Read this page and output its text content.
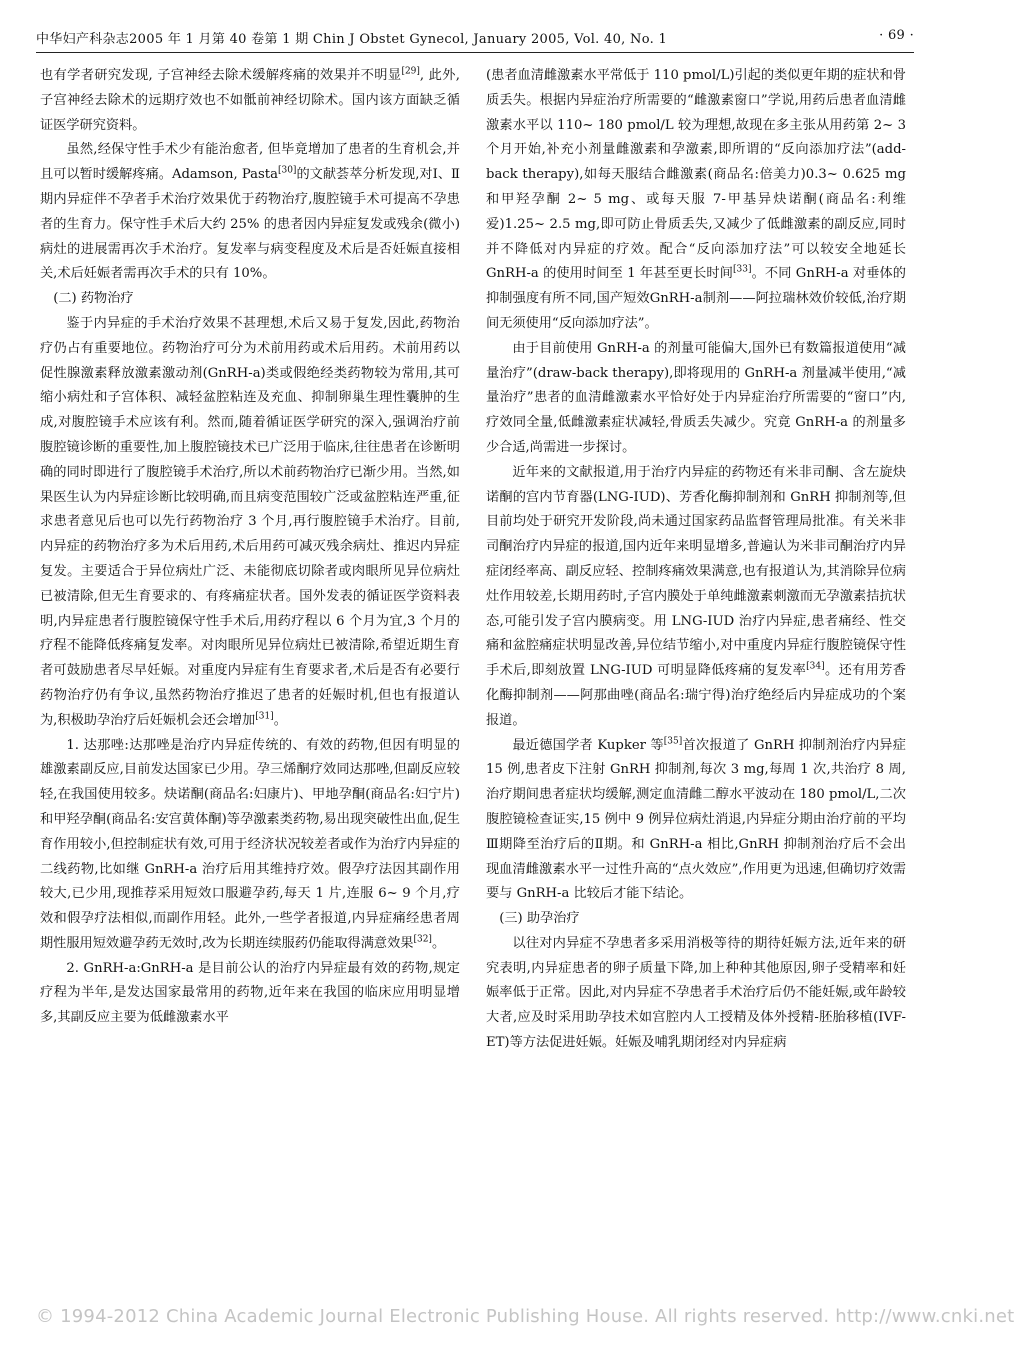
中华妇产科杂志2005 年 1 月第 40 卷第 1 期 Chin J Obstet Gynecol, January 2005, Vol. 40, No. 1	· 69 ·

也有学者研究发现, 子宫神经去除术缓解疼痛的效果并不明显[29], 此外, 子宫神经去除术的远期疗效也不如骶前神经切除术。国内该方面缺乏循证医学研究资料。

虽然,经保守性手术少有能治愈者, 但毕竟增加了患者的生育机会,并且可以暂时缓解疼痛。Adamson, Pasta[30]的文献荟萃分析发现,对Ⅰ、Ⅱ期内异症伴不孕者手术治疗效果优于药物治疗,腹腔镜手术可提高不孕患者的生育力。保守性手术后大约 25% 的患者因内异症复发或残余(微小)病灶的进展需再次手术治疗。复发率与病变程度及术后是否妊娠直接相关,术后妊娠者需再次手术的只有 10%。

(二) 药物治疗

鉴于内异症的手术治疗效果不甚理想,术后又易于复发,因此,药物治疗仍占有重要地位。药物治疗可分为术前用药或术后用药。术前用药以促性腺激素释放激素激动剂(GnRH-a)类或假绝经类药物较为常用,其可缩小病灶和子宫体积、减轻盆腔粘连及充血、抑制卵巢生理性囊肿的生成,对腹腔镜手术应该有利。然而,随着循证医学研究的深入,强调治疗前腹腔镜诊断的重要性,加上腹腔镜技术已广泛用于临床,往往患者在诊断明确的同时即进行了腹腔镜手术治疗,所以术前药物治疗已渐少用。当然,如果医生认为内异症诊断比较明确,而且病变范围较广泛或盆腔粘连严重,征求患者意见后也可以先行药物治疗 3 个月,再行腹腔镜手术治疗。目前,内异症的药物治疗多为术后用药,术后用药可减灭残余病灶、推迟内异症复发。主要适合于异位病灶广泛、未能彻底切除者或肉眼所见异位病灶已被清除,但无生育要求的、有疼痛症状者。国外发表的循证医学资料表明,内异症患者行腹腔镜保守性手术后,用药疗程以 6 个月为宜,3 个月的疗程不能降低疼痛复发率。对肉眼所见异位病灶已被清除,希望近期生育者可鼓励患者尽早妊娠。对重度内异症有生育要求者,术后是否有必要行药物治疗仍有争议,虽然药物治疗推迟了患者的妊娠时机,但也有报道认为,积极助孕治疗后妊娠机会还会增加[31]。

1. 达那唑:达那唑是治疗内异症传统的、有效的药物,但因有明显的雄激素副反应,目前发达国家已少用。孕三烯酮疗效同达那唑,但副反应较轻,在我国使用较多。炔诺酮(商品名:妇康片)、甲地孕酮(商品名:妇宁片)和甲羟孕酮(商品名:安宫黄体酮)等孕激素类药物,易出现突破性出血,促生育作用较小,但控制症状有效,可用于经济状况较差者或作为治疗内异症的二线药物,比如继 GnRH-a 治疗后用其维持疗效。假孕疗法因其副作用较大,已少用,现推荐采用短效口服避孕药,每天 1 片,连服 6~ 9 个月,疗效和假孕疗法相似,而副作用轻。此外,一些学者报道,内异症痛经患者周期性服用短效避孕药无效时,改为长期连续服药仍能取得满意效果[32]。

2. GnRH-a:GnRH-a 是目前公认的治疗内异症最有效的药物,规定疗程为半年,是发达国家最常用的药物,近年来在我国的临床应用明显增多,其副反应主要为低雌激素水平

(患者血清雌激素水平常低于 110 pmol/L)引起的类似更年期的症状和骨质丢失。根据内异症治疗所需要的“雌激素窗口”学说,用药后患者血清雌激素水平以 110~ 180 pmol/L 较为理想,故现在多主张从用药第 2~ 3 个月开始,补充小剂量雌激素和孕激素,即所谓的“反向添加疗法”(add-back therapy),如每天服结合雌激素(商品名:倍美力)0.3~ 0.625 mg和甲羟孕酮 2~ 5 mg、或每天服 7-甲基异炔诺酮(商品名:利维爱)1.25~ 2.5 mg,即可防止骨质丢失,又减少了低雌激素的副反应,同时并不降低对内异症的疗效。配合“反向添加疗法”可以较安全地延长 GnRH-a 的使用时间至 1 年甚至更长时间[33]。不同 GnRH-a 对垂体的抑制强度有所不同,国产短效GnRH-a制剂——阿拉瑞林效价较低,治疗期间无须使用“反向添加疗法”。

由于目前使用 GnRH-a 的剂量可能偏大,国外已有数篇报道使用“减量治疗”(draw-back therapy),即将现用的 GnRH-a 剂量减半使用,“减量治疗”患者的血清雌激素水平恰好处于内异症治疗所需要的“窗口”内,疗效同全量,低雌激素症状减轻,骨质丢失减少。究竟 GnRH-a 的剂量多少合适,尚需进一步探讨。

近年来的文献报道,用于治疗内异症的药物还有米非司酮、含左旋炔诺酮的宫内节育器(LNG-IUD)、芳香化酶抑制剂和 GnRH 抑制剂等,但目前均处于研究开发阶段,尚未通过国家药品监督管理局批准。有关米非司酮治疗内异症的报道,国内近年来明显增多,普遍认为米非司酮治疗内异症闭经率高、副反应轻、控制疼痛效果满意,也有报道认为,其消除异位病灶作用较差,长期用药时,子宫内膜处于单纯雌激素刺激而无孕激素拮抗状态,可能引发子宫内膜病变。用 LNG-IUD 治疗内异症,患者痛经、性交痛和盆腔痛症状明显改善,异位结节缩小,对中重度内异症行腹腔镜保守性手术后,即刻放置 LNG-IUD 可明显降低疼痛的复发率[34]。还有用芳香化酶抑制剂——阿那曲唑(商品名:瑞宁得)治疗绝经后内异症成功的个案报道。

最近德国学者 Kupker 等[35]首次报道了 GnRH 抑制剂治疗内异症 15 例,患者皮下注射 GnRH 抑制剂,每次 3 mg,每周 1 次,共治疗 8 周,治疗期间患者症状均缓解,测定血清雌二醇水平波动在 180 pmol/L,二次腹腔镜检查证实,15 例中 9 例异位病灶消退,内异症分期由治疗前的平均Ⅲ期降至治疗后的Ⅱ期。和 GnRH-a 相比,GnRH 抑制剂治疗后不会出现血清雌激素水平一过性升高的“点火效应”,作用更为迅速,但确切疗效需要与 GnRH-a 比较后才能下结论。

(三) 助孕治疗

以往对内异症不孕患者多采用消极等待的期待妊娠方法,近年来的研究表明,内异症患者的卵子质量下降,加上种种其他原因,卵子受精率和妊娠率低于正常。因此,对内异症不孕患者手术治疗后仍不能妊娠,或年龄较大者,应及时采用助孕技术如宫腔内人工授精及体外授精-胚胎移植(IVF-ET)等方法促进妊娠。妊娠及哺乳期闭经对内异症病

© 1994-2012 China Academic Journal Electronic Publishing House. All rights reserved. http://www.cnki.net
